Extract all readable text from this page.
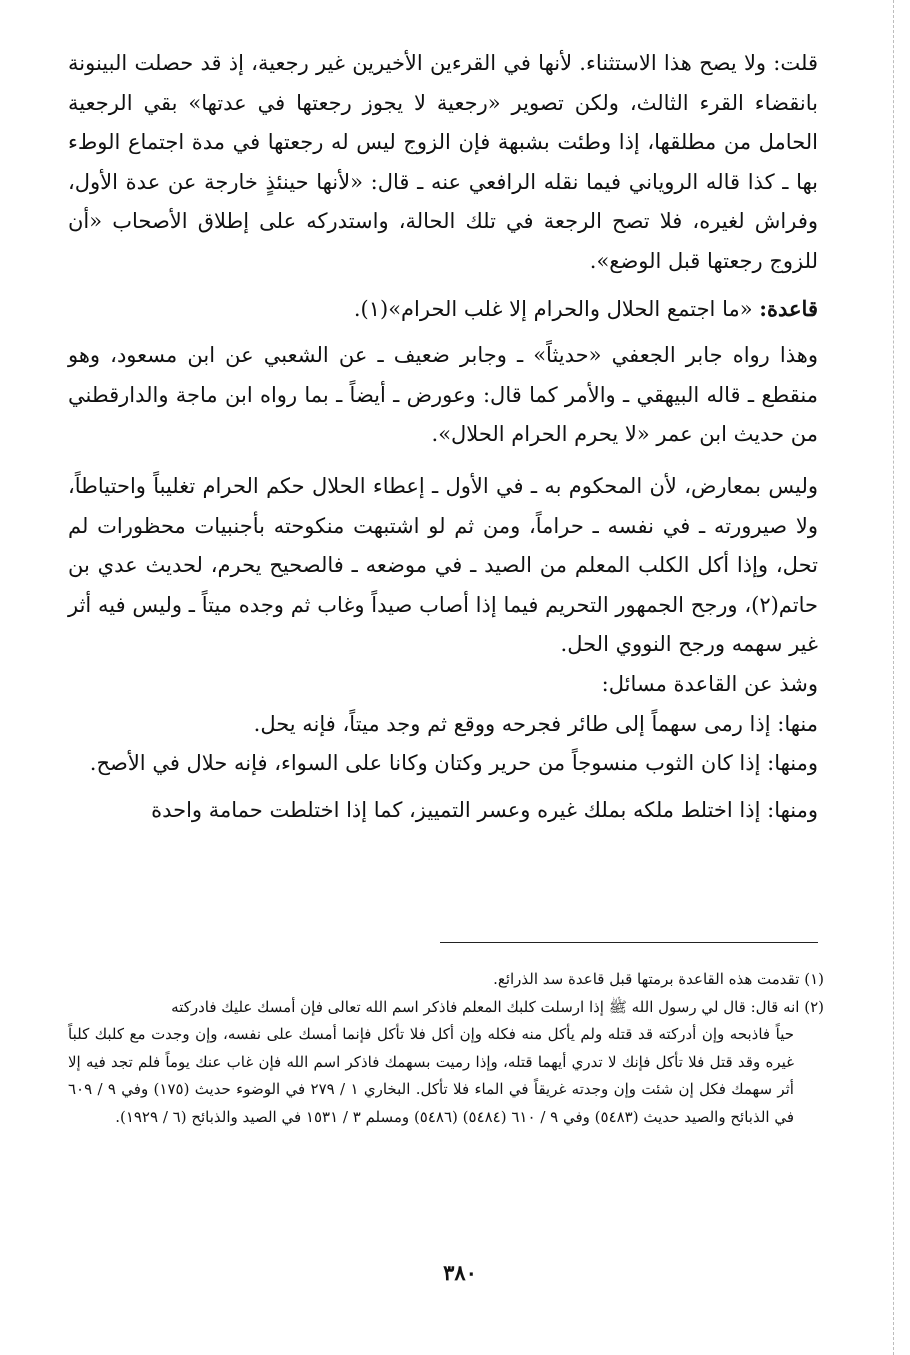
قلت: ولا يصح هذا الاستثناء. لأنها في القرءين الأخيرين غير رجعية، إذ قد حصلت البينونة بانقضاء القرء الثالث، ولكن تصوير «رجعية لا يجوز رجعتها في عدتها» بقي الرجعية الحامل من مطلقها، إذا وطئت بشبهة فإن الزوج ليس له رجعتها في مدة اجتماع الوطء بها ـ كذا قاله الروياني فيما نقله الرافعي عنه ـ قال: «لأنها حينئذٍ خارجة عن عدة الأول، وفراش لغيره، فلا تصح الرجعة في تلك الحالة، واستدركه على إطلاق الأصحاب «أن للزوج رجعتها قبل الوضع».

قاعدة: «ما اجتمع الحلال والحرام إلا غلب الحرام»(١).

وهذا رواه جابر الجعفي «حديثاً» ـ وجابر ضعيف ـ عن الشعبي عن ابن مسعود، وهو منقطع ـ قاله البيهقي ـ والأمر كما قال: وعورض ـ أيضاً ـ بما رواه ابن ماجة والدارقطني من حديث ابن عمر «لا يحرم الحرام الحلال».

وليس بمعارض، لأن المحكوم به ـ في الأول ـ إعطاء الحلال حكم الحرام تغليباً واحتياطاً، ولا صيرورته ـ في نفسه ـ حراماً، ومن ثم لو اشتبهت منكوحته بأجنبيات محظورات لم تحل، وإذا أكل الكلب المعلم من الصيد ـ في موضعه ـ فالصحيح يحرم، لحديث عدي بن حاتم(٢)، ورجح الجمهور التحريم فيما إذا أصاب صيداً وغاب ثم وجده ميتاً ـ وليس فيه أثر غير سهمه ورجح النووي الحل.

وشذ عن القاعدة مسائل:

منها: إذا رمى سهماً إلى طائر فجرحه ووقع ثم وجد ميتاً، فإنه يحل.

ومنها: إذا كان الثوب منسوجاً من حرير وكتان وكانا على السواء، فإنه حلال في الأصح.

ومنها: إذا اختلط ملكه بملك غيره وعسر التمييز، كما إذا اختلطت حمامة واحدة

(١) تقدمت هذه القاعدة برمتها قبل قاعدة سد الذرائع.

(٢) انه قال: قال لي رسول الله ﷺ إذا ارسلت كلبك المعلم فاذكر اسم الله تعالى فإن أمسك عليك فادركته

حياً فاذبحه وإن أدركته قد قتله ولم يأكل منه فكله وإن أكل فلا تأكل فإنما أمسك على نفسه، وإن وجدت مع كلبك كلباً غيره وقد قتل فلا تأكل فإنك لا تدري أيهما قتله، وإذا رميت بسهمك فاذكر اسم الله فإن غاب عنك يوماً فلم تجد فيه إلا أثر سهمك فكل إن شئت وإن وجدته غريقاً في الماء فلا تأكل. البخاري ١ / ٢٧٩ في الوضوء حديث (١٧٥) وفي ٩ / ٦٠٩ في الذبائح والصيد حديث (٥٤٨٣) وفي ٩ / ٦١٠ (٥٤٨٤) (٥٤٨٦) ومسلم ٣ / ١٥٣١ في الصيد والذبائح (٦ / ١٩٢٩).

٣٨٠
